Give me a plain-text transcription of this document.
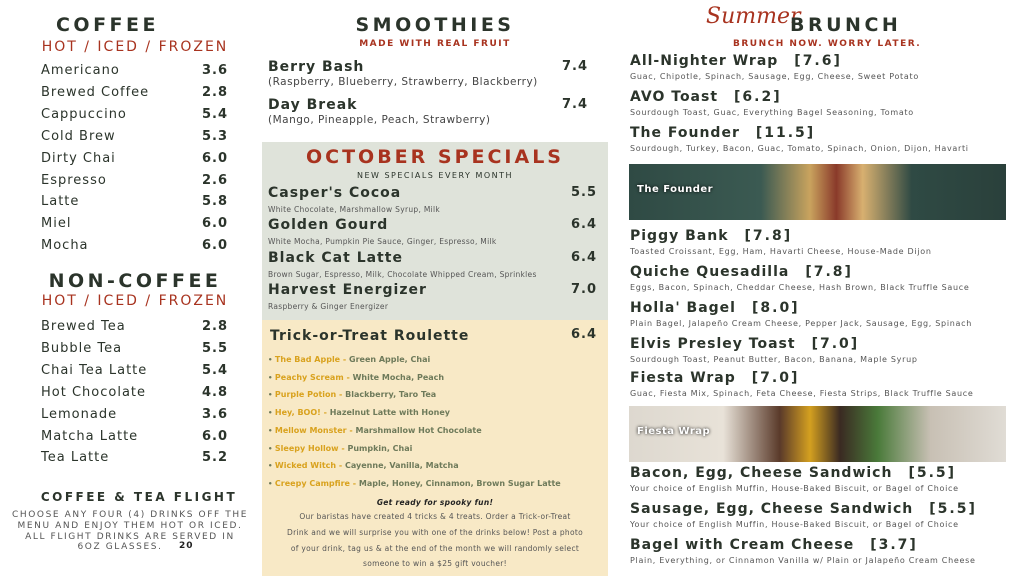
COFFEE
HOT / ICED / FROZEN
Americano	3.6
Brewed Coffee	2.8
Cappuccino	5.4
Cold Brew	5.3
Dirty Chai	6.0
Espresso	2.6
Latte	5.8
Miel	6.0
Mocha	6.0
NON-COFFEE
HOT / ICED / FROZEN
Brewed Tea	2.8
Bubble Tea	5.5
Chai Tea Latte	5.4
Hot Chocolate	4.8
Lemonade	3.6
Matcha Latte	6.0
Tea Latte	5.2
COFFEE & TEA FLIGHT
CHOOSE ANY FOUR (4) DRINKS OFF THE
MENU AND ENJOY THEM HOT OR ICED.
ALL FLIGHT DRINKS ARE SERVED IN
6OZ GLASSES.	20
SMOOTHIES
MADE WITH REAL FRUIT
Berry Bash	7.4
(Raspberry, Blueberry, Strawberry, Blackberry)
Day Break	7.4
(Mango, Pineapple, Peach, Strawberry)
OCTOBER SPECIALS
NEW SPECIALS EVERY MONTH
Casper's Cocoa	5.5
White Chocolate, Marshmallow Syrup, Milk
Golden Gourd	6.4
White Mocha, Pumpkin Pie Sauce, Ginger, Espresso, Milk
Black Cat Latte	6.4
Brown Sugar, Espresso, Milk, Chocolate Whipped Cream, Sprinkles
Harvest Energizer	7.0
Raspberry & Ginger Energizer
Trick-or-Treat Roulette	6.4
• The Bad Apple - Green Apple, Chai
• Peachy Scream - White Mocha, Peach
• Purple Potion - Blackberry, Taro Tea
• Hey, BOO! - Hazelnut Latte with Honey
• Mellow Monster - Marshmallow Hot Chocolate
• Sleepy Hollow - Pumpkin, Chai
• Wicked Witch - Cayenne, Vanilla, Matcha
• Creepy Campfire - Maple, Honey, Cinnamon, Brown Sugar Latte
Get ready for spooky fun!
Our baristas have created 4 tricks & 4 treats. Order a Trick-or-Treat
Drink and we will surprise you with one of the drinks below! Post a photo
of your drink, tag us & at the end of the month we will randomly select
someone to win a $25 gift voucher!
Summer
BRUNCH
BRUNCH NOW. WORRY LATER.
All-Nighter Wrap [7.6]
Guac, Chipotle, Spinach, Sausage, Egg, Cheese, Sweet Potato
AVO Toast [6.2]
Sourdough Toast, Guac, Everything Bagel Seasoning, Tomato
The Founder [11.5]
Sourdough, Turkey, Bacon, Guac, Tomato, Spinach, Onion, Dijon, Havarti
Piggy Bank [7.8]
Toasted Croissant, Egg, Ham, Havarti Cheese, House-Made Dijon
Quiche Quesadilla [7.8]
Eggs, Bacon, Spinach, Cheddar Cheese, Hash Brown, Black Truffle Sauce
Holla' Bagel [8.0]
Plain Bagel, Jalapeño Cream Cheese, Pepper Jack, Sausage, Egg, Spinach
Elvis Presley Toast [7.0]
Sourdough Toast, Peanut Butter, Bacon, Banana, Maple Syrup
Fiesta Wrap [7.0]
Guac, Fiesta Mix, Spinach, Feta Cheese, Fiesta Strips, Black Truffle Sauce
Bacon, Egg, Cheese Sandwich [5.5]
Your choice of English Muffin, House-Baked Biscuit, or Bagel of Choice
Sausage, Egg, Cheese Sandwich [5.5]
Your choice of English Muffin, House-Baked Biscuit, or Bagel of Choice
Bagel with Cream Cheese [3.7]
Plain, Everything, or Cinnamon Vanilla w/ Plain or Jalapeño Cream Cheese
The Founder
Fiesta Wrap
